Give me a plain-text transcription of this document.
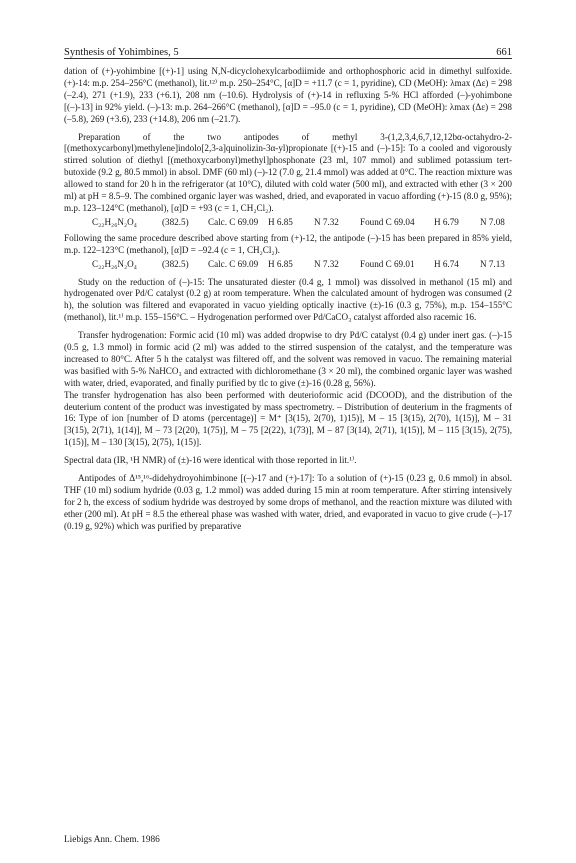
Synthesis of Yohimbines, 5	661

dation of (+)-yohimbine [(+)-1] using N,N-dicyclohexylcarbodiimide and orthophosphoric acid in dimethyl sulfoxide. (+)-14: m.p. 254–256°C (methanol), lit.¹²⁾ m.p. 250–254°C, [α]D = +11.7 (c = 1, pyridine), CD (MeOH): λmax (Δε) = 298 (–2.4), 271 (+1.9), 233 (+6.1), 208 nm (–10.6). Hydrolysis of (+)-14 in refluxing 5-% HCl afforded (–)-yohimbone [(–)-13] in 92% yield. (–)-13: m.p. 264–266°C (methanol), [α]D = –95.0 (c = 1, pyridine), CD (MeOH): λmax (Δε) = 298 (–5.8), 269 (+3.6), 233 (+14.8), 206 nm (–21.7).

Preparation of the two antipodes of methyl 3-(1,2,3,4,6,7,12,12bα-octahydro-2-[(methoxycarbonyl)methylene]indolo[2,3-a]quinolizin-3α-yl)propionate [(+)-15 and (–)-15]: To a cooled and vigorously stirred solution of diethyl [(methoxycarbonyl)methyl]phosphonate (23 ml, 107 mmol) and sublimed potassium tert-butoxide (9.2 g, 80.5 mmol) in absol. DMF (60 ml) (–)-12 (7.0 g, 21.4 mmol) was added at 0°C. The reaction mixture was allowed to stand for 20 h in the refrigerator (at 10°C), diluted with cold water (500 ml), and extracted with ether (3 × 200 ml) at pH = 8.5–9. The combined organic layer was washed, dried, and evaporated in vacuo affording (+)-15 (8.0 g, 95%); m.p. 123–124°C (methanol), [α]D = +93 (c = 1, CH₂Cl₂).

C₂₂H₂₆N₂O₄	(382.5) Calc. C 69.09 H 6.85 N 7.32 Found C 69.04 H 6.79 N 7.08

Following the same procedure described above starting from (+)-12, the antipode (–)-15 has been prepared in 85% yield, m.p. 122–123°C (methanol), [α]D = –92.4 (c = 1, CH₂Cl₂).

C₂₂H₂₆N₂O₄	(382.5) Calc. C 69.09 H 6.85 N 7.32 Found C 69.01 H 6.74 N 7.13

Study on the reduction of (–)-15: The unsaturated diester (0.4 g, 1 mmol) was dissolved in methanol (15 ml) and hydrogenated over Pd/C catalyst (0.2 g) at room temperature. When the calculated amount of hydrogen was consumed (2 h), the solution was filtered and evaporated in vacuo yielding optically inactive (±)-16 (0.3 g, 75%), m.p. 154–155°C (methanol), lit.¹⁾ m.p. 155–156°C. – Hydrogenation performed over Pd/CaCO₃ catalyst afforded also racemic 16.

Transfer hydrogenation: Formic acid (10 ml) was added dropwise to dry Pd/C catalyst (0.4 g) under inert gas. (–)-15 (0.5 g, 1.3 mmol) in formic acid (2 ml) was added to the stirred suspension of the catalyst, and the temperature was increased to 80°C. After 5 h the catalyst was filtered off, and the solvent was removed in vacuo. The remaining material was basified with 5-% NaHCO₃ and extracted with dichloromethane (3 × 20 ml), the combined organic layer was washed with water, dried, evaporated, and finally purified by tlc to give (±)-16 (0.28 g, 56%).

The transfer hydrogenation has also been performed with deuterioformic acid (DCOOD), and the distribution of the deuterium content of the product was investigated by mass spectrometry. – Distribution of deuterium in the fragments of 16: Type of ion [number of D atoms (percentage)] = M⁺ [3(15), 2(70), 1)15)], M – 15 [3(15), 2(70), 1(15)], M – 31 [3(15), 2(71), 1(14)], M – 73 [2(20), 1(75)], M – 75 [2(22), 1(73)], M – 87 [3(14), 2(71), 1(15)], M – 115 [3(15), 2(75), 1(15)], M – 130 [3(15), 2(75), 1(15)].

Spectral data (IR, ¹H NMR) of (±)-16 were identical with those reported in lit.¹⁾.

Antipodes of Δ¹⁵,¹⁶-didehydroyohimbinone [(–)-17 and (+)-17]: To a solution of (+)-15 (0.23 g, 0.6 mmol) in absol. THF (10 ml) sodium hydride (0.03 g, 1.2 mmol) was added during 15 min at room temperature. After stirring intensively for 2 h, the excess of sodium hydride was destroyed by some drops of methanol, and the reaction mixture was diluted with ether (200 ml). At pH = 8.5 the ethereal phase was washed with water, dried, and evaporated in vacuo to give crude (–)-17 (0.19 g, 92%) which was purified by preparative

Liebigs Ann. Chem. 1986
